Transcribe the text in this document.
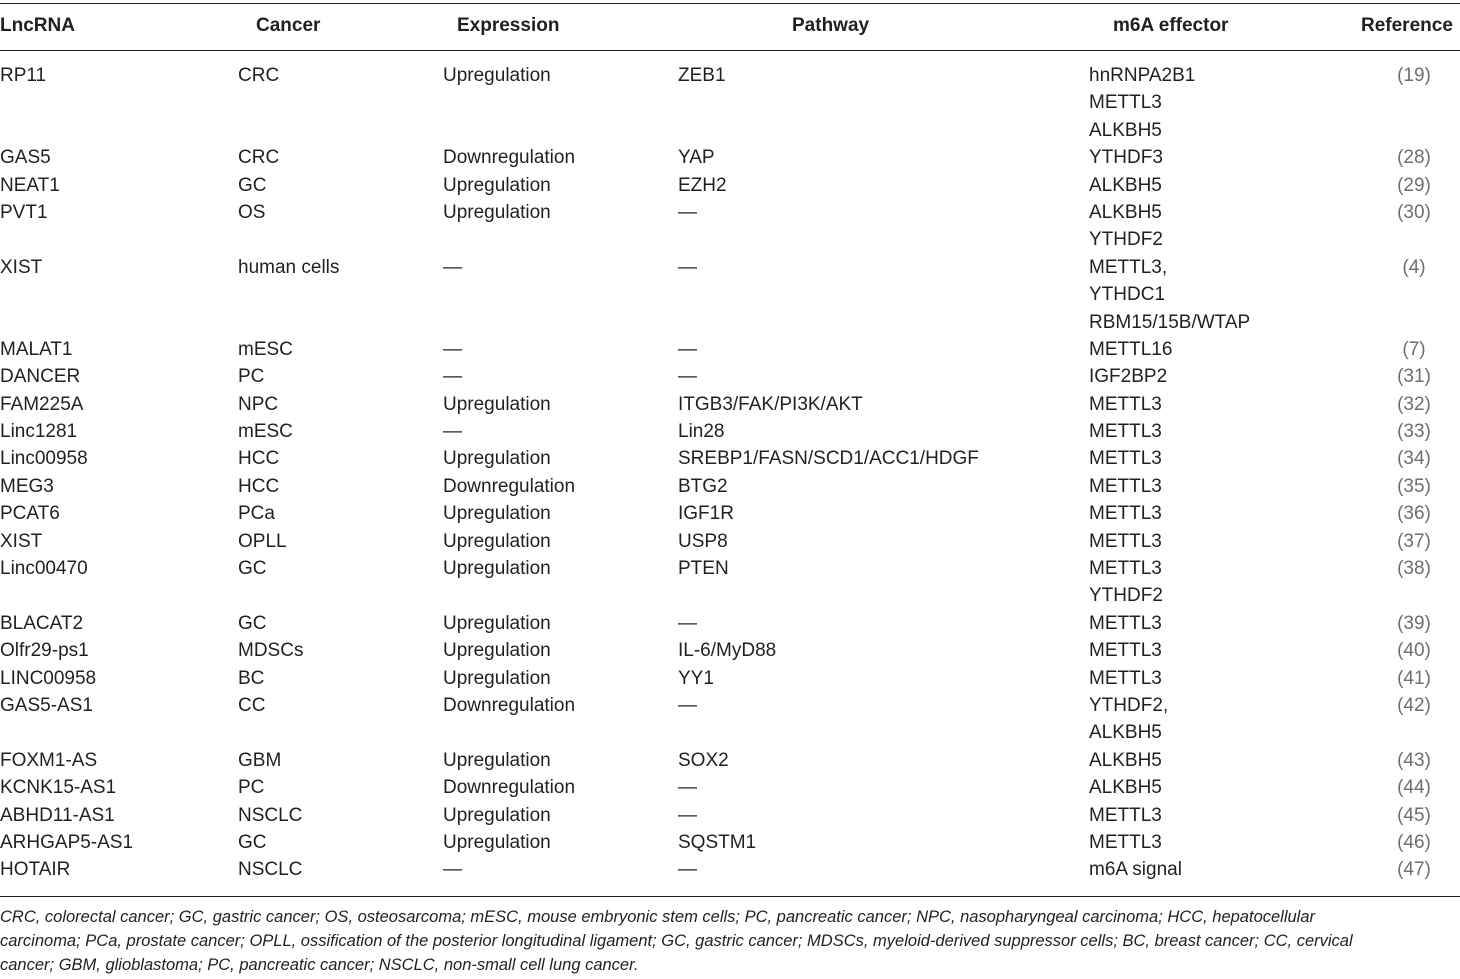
LncRNA	Cancer	Expression	Pathway	m6A effector	Reference
RP11	CRC	Upregulation	ZEB1	hnRNPA2B1	(19)
METTL3
ALKBH5
GAS5	CRC	Downregulation	YAP	YTHDF3	(28)
NEAT1	GC	Upregulation	EZH2	ALKBH5	(29)
PVT1	OS	Upregulation	—	ALKBH5	(30)
YTHDF2
XIST	human cells	—	—	METTL3,	(4)
YTHDC1
RBM15/15B/WTAP
MALAT1	mESC	—	—	METTL16	(7)
DANCER	PC	—	—	IGF2BP2	(31)
FAM225A	NPC	Upregulation	ITGB3/FAK/PI3K/AKT	METTL3	(32)
Linc1281	mESC	—	Lin28	METTL3	(33)
Linc00958	HCC	Upregulation	SREBP1/FASN/SCD1/ACC1/HDGF	METTL3	(34)
MEG3	HCC	Downregulation	BTG2	METTL3	(35)
PCAT6	PCa	Upregulation	IGF1R	METTL3	(36)
XIST	OPLL	Upregulation	USP8	METTL3	(37)
Linc00470	GC	Upregulation	PTEN	METTL3	(38)
YTHDF2
BLACAT2	GC	Upregulation	—	METTL3	(39)
Olfr29-ps1	MDSCs	Upregulation	IL-6/MyD88	METTL3	(40)
LINC00958	BC	Upregulation	YY1	METTL3	(41)
GAS5-AS1	CC	Downregulation	—	YTHDF2,	(42)
ALKBH5
FOXM1-AS	GBM	Upregulation	SOX2	ALKBH5	(43)
KCNK15-AS1	PC	Downregulation	—	ALKBH5	(44)
ABHD11-AS1	NSCLC	Upregulation	—	METTL3	(45)
ARHGAP5-AS1	GC	Upregulation	SQSTM1	METTL3	(46)
HOTAIR	NSCLC	—	—	m6A signal	(47)
CRC, colorectal cancer; GC, gastric cancer; OS, osteosarcoma; mESC, mouse embryonic stem cells; PC, pancreatic cancer; NPC, nasopharyngeal carcinoma; HCC, hepatocellular
carcinoma; PCa, prostate cancer; OPLL, ossification of the posterior longitudinal ligament; GC, gastric cancer; MDSCs, myeloid-derived suppressor cells; BC, breast cancer; CC, cervical
cancer; GBM, glioblastoma; PC, pancreatic cancer; NSCLC, non-small cell lung cancer.
